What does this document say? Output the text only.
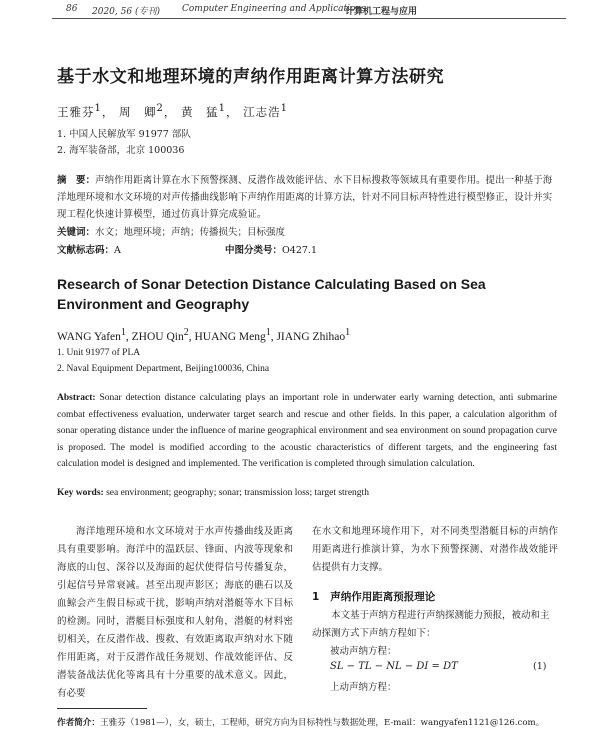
86 2020, 56 (专刊) Computer Engineering and Applications
计算机工程与应用
基于水文和地理环境的声纳作用距离计算方法研究
王雅芬$^1$， 周　卿$^2$， 黄　猛$^1$， 江志浩$^1$
1. 中国人民解放军 91977 部队
2. 海军装备部，北京 100036
摘　要：声纳作用距离计算在水下预警探测、反潜作战效能评估、水下目标搜救等领域具有重要作用。提出一种基于海洋地理环境和水文环境的对声传播曲线影响下声纳作用距离的计算方法，针对不同目标声特性进行模型修正，设计并实现工程化快速计算模型，通过仿真计算完成验证。
关键词：水文；地理环境；声纳；传播损失；目标强度
文献标志码：A	中图分类号：O427.1
Research of Sonar Detection Distance Calculating Based on Sea Environment and Geography
WANG Yafen$^1$, ZHOU Qin$^2$, HUANG Meng$^1$, JIANG Zhihao$^1$
1. Unit 91977 of PLA
2. Naval Equipment Department, Beijing100036, China
Abstract: Sonar detection distance calculating plays an important role in underwater early warning detection, anti submarine combat effectiveness evaluation, underwater target search and rescue and other fields. In this paper, a calculation algorithm of sonar operating distance under the influence of marine geographical environment and sea environment on sound propagation curve is proposed. The model is modified according to the acoustic characteristics of different targets, and the engineering fast calculation model is designed and implemented. The verification is completed through simulation calculation.
Key words: sea environment; geography; sonar; transmission loss; target strength
海洋地理环境和水文环境对于水声传播曲线及距离具有重要影响。海洋中的温跃层、锋面、内波等现象和海底的山包、深谷以及海面的起伏使得信号传播复杂，引起信号异常衰减。甚至出现声影区；海底的礁石以及血鲸会产生假目标或干扰，影响声纳对潜艇等水下目标的检测。同时，潜艇目标强度和人射角，潜艇的材料密切相关，在反潜作战、搜救、有效距离取声纳对水下随作用距离，对于反潜作战任务规划、作战效能评估、反潜装备战法优化等离具有十分重要的战术意义。因此，有必要
在水文和地理环境作用下，对不同类型潜艇目标的声纳作用距离进行推演计算，为水下预警探测、对潜作战效能评估提供有力支撑。
1 声纳作用距离预报理论
本文基于声纳方程进行声纳探测能力预报，被动和主动探测方式下声纳方程如下：
被动声纳方程：
SL − TL − NL − DI = DT	(1)
上动声纳方程：
作者简介：王雅芬（1981—），女，硕士，工程师，研究方向为目标特性与数据处理，E-mail：wangyafen1121@126.com。
